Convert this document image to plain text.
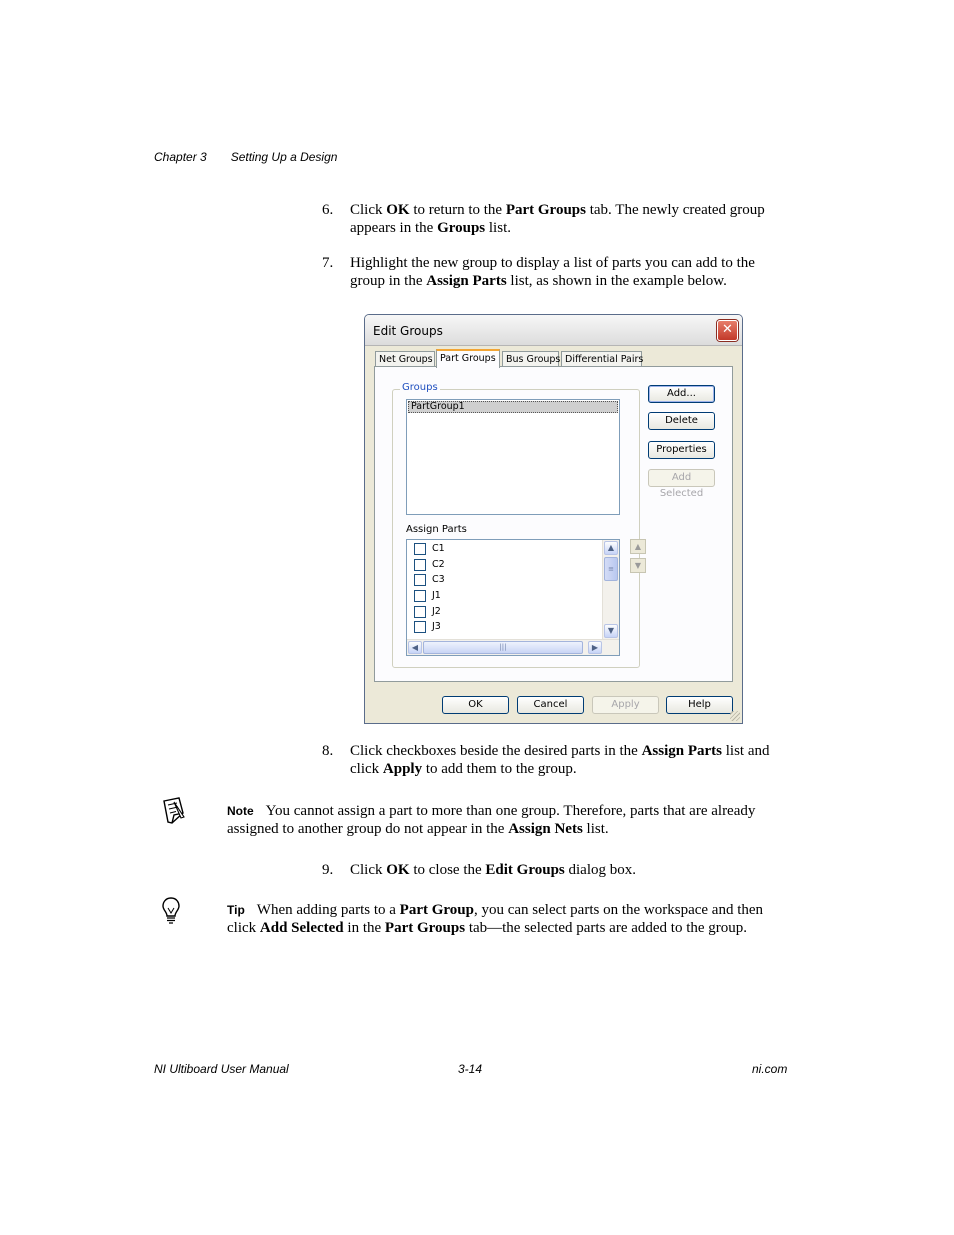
Chapter 3 Setting Up a Design
6. Click OK to return to the Part Groups tab. The newly created group appears in the Groups list.
7. Highlight the new group to display a list of parts you can add to the group in the Assign Parts list, as shown in the example below.
Edit Groups	✕
Net Groups Part Groups	Bus Groups Differential Pairs
Groups
PartGroup1
Assign Parts
C1
C2
C3
J1
J2
J3
▲
≡
▼
◀	|||	▶
▲
▼
Add...
Delete
Properties
Add Selected
OK	Cancel	Apply	Help
8. Click checkboxes beside the desired parts in the Assign Parts list and click Apply to add them to the group.
Note You cannot assign a part to more than one group. Therefore, parts that are already assigned to another group do not appear in the Assign Nets list.
9. Click OK to close the Edit Groups dialog box.
Tip When adding parts to a Part Group, you can select parts on the workspace and then click Add Selected in the Part Groups tab—the selected parts are added to the group.
NI Ultiboard User Manual	3-14	ni.com
